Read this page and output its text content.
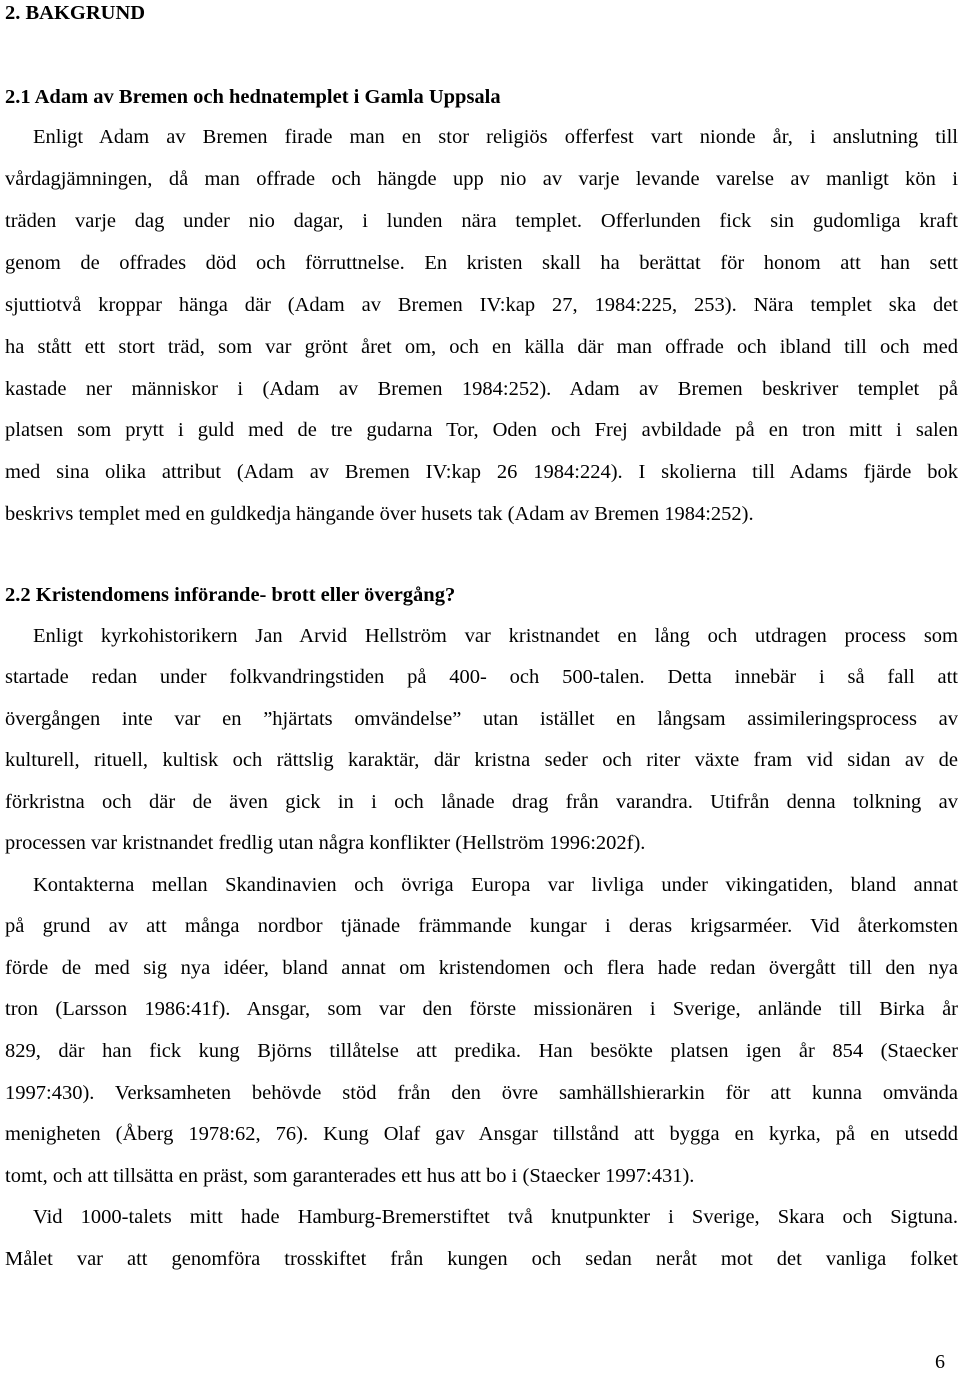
2. BAKGRUND
2.1 Adam av Bremen och hednatemplet i Gamla Uppsala
Enligt Adam av Bremen firade man en stor religiös offerfest vart nionde år, i anslutning till
vårdagjämningen, då man offrade och hängde upp nio av varje levande varelse av manligt kön i
träden varje dag under nio dagar, i lunden nära templet. Offerlunden fick sin gudomliga kraft
genom de offrades död och förruttnelse. En kristen skall ha berättat för honom att han sett
sjuttiotvå kroppar hänga där (Adam av Bremen IV:kap 27, 1984:225, 253). Nära templet ska det
ha stått ett stort träd, som var grönt året om, och en källa där man offrade och ibland till och med
kastade ner människor i (Adam av Bremen 1984:252). Adam av Bremen beskriver templet på
platsen som prytt i guld med de tre gudarna Tor, Oden och Frej avbildade på en tron mitt i salen
med sina olika attribut (Adam av Bremen IV:kap 26 1984:224). I skolierna till Adams fjärde bok
beskrivs templet med en guldkedja hängande över husets tak (Adam av Bremen 1984:252).
2.2 Kristendomens införande- brott eller övergång?
Enligt kyrkohistorikern Jan Arvid Hellström var kristnandet en lång och utdragen process som
startade redan under folkvandringstiden på 400- och 500-talen. Detta innebär i så fall att
övergången inte var en ”hjärtats omvändelse” utan istället en långsam assimileringsprocess av
kulturell, rituell, kultisk och rättslig karaktär, där kristna seder och riter växte fram vid sidan av de
förkristna och där de även gick in i och lånade drag från varandra. Utifrån denna tolkning av
processen var kristnandet fredlig utan några konflikter (Hellström 1996:202f).
Kontakterna mellan Skandinavien och övriga Europa var livliga under vikingatiden, bland annat
på grund av att många nordbor tjänade främmande kungar i deras krigsarméer. Vid återkomsten
förde de med sig nya idéer, bland annat om kristendomen och flera hade redan övergått till den nya
tron (Larsson 1986:41f). Ansgar, som var den förste missionären i Sverige, anlände till Birka år
829, där han fick kung Björns tillåtelse att predika. Han besökte platsen igen år 854 (Staecker
1997:430). Verksamheten behövde stöd från den övre samhällshierarkin för att kunna omvända
menigheten (Åberg 1978:62, 76). Kung Olaf gav Ansgar tillstånd att bygga en kyrka, på en utsedd
tomt, och att tillsätta en präst, som garanterades ett hus att bo i (Staecker 1997:431).
Vid 1000-talets mitt hade Hamburg-Bremerstiftet två knutpunkter i Sverige, Skara och Sigtuna.
Målet var att genomföra trosskiftet från kungen och sedan neråt mot det vanliga folket
6
